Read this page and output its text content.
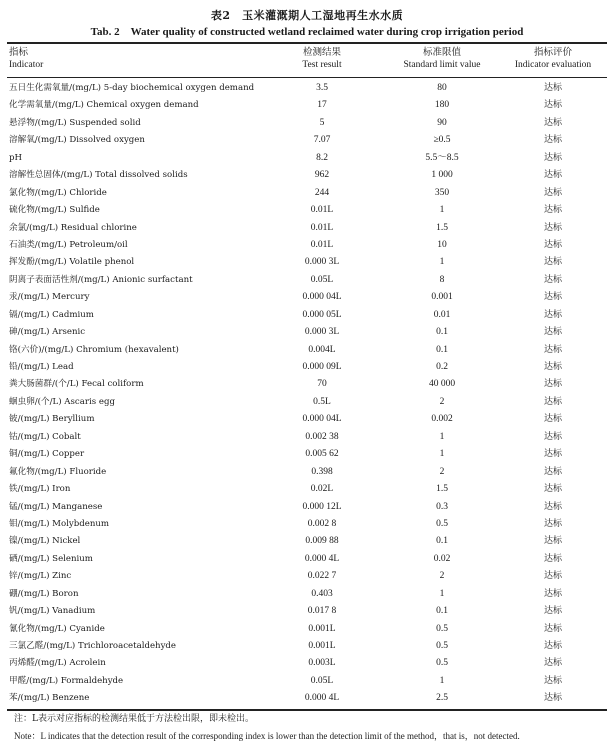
表2　玉米灌溉期人工湿地再生水水质
Tab. 2　Water quality of constructed wetland reclaimed water during crop irrigation period
指标
Indicator
检测结果
Test result
标准限值
Standard limit value
指标评价
Indicator evaluation
五日生化需氧量/(mg/L) 5-day biochemical oxygen demand	3.5	80	达标
化学需氧量/(mg/L) Chemical oxygen demand	17	180	达标
悬浮物/(mg/L) Suspended solid	5	90	达标
溶解氧/(mg/L) Dissolved oxygen	7.07	≥0.5	达标
pH	8.2	5.5～8.5	达标
溶解性总固体/(mg/L) Total dissolved solids	962	1 000	达标
氯化物/(mg/L) Chloride	244	350	达标
硫化物/(mg/L) Sulfide	0.01L	1	达标
余氯/(mg/L) Residual chlorine	0.01L	1.5	达标
石油类/(mg/L) Petroleum/oil	0.01L	10	达标
挥发酚/(mg/L) Volatile phenol	0.000 3L	1	达标
阴离子表面活性剂/(mg/L) Anionic surfactant	0.05L	8	达标
汞/(mg/L) Mercury	0.000 04L	0.001	达标
镉/(mg/L) Cadmium	0.000 05L	0.01	达标
砷/(mg/L) Arsenic	0.000 3L	0.1	达标
铬(六价)/(mg/L) Chromium (hexavalent)	0.004L	0.1	达标
铅/(mg/L) Lead	0.000 09L	0.2	达标
粪大肠菌群/(个/L) Fecal coliform	70	40 000	达标
蛔虫卵/(个/L) Ascaris egg	0.5L	2	达标
铍/(mg/L) Beryllium	0.000 04L	0.002	达标
钴/(mg/L) Cobalt	0.002 38	1	达标
铜/(mg/L) Copper	0.005 62	1	达标
氟化物/(mg/L) Fluoride	0.398	2	达标
铁/(mg/L) Iron	0.02L	1.5	达标
锰/(mg/L) Manganese	0.000 12L	0.3	达标
钼/(mg/L) Molybdenum	0.002 8	0.5	达标
镍/(mg/L) Nickel	0.009 88	0.1	达标
硒/(mg/L) Selenium	0.000 4L	0.02	达标
锌/(mg/L) Zinc	0.022 7	2	达标
硼/(mg/L) Boron	0.403	1	达标
钒/(mg/L) Vanadium	0.017 8	0.1	达标
氰化物/(mg/L) Cyanide	0.001L	0.5	达标
三氯乙醛/(mg/L) Trichloroacetaldehyde	0.001L	0.5	达标
丙烯醛/(mg/L) Acrolein	0.003L	0.5	达标
甲醛/(mg/L) Formaldehyde	0.05L	1	达标
苯/(mg/L) Benzene	0.000 4L	2.5	达标
注：L表示对应指标的检测结果低于方法检出限，即未检出。
Note：L indicates that the detection result of the corresponding index is lower than the detection limit of the method，that is，not detected.
